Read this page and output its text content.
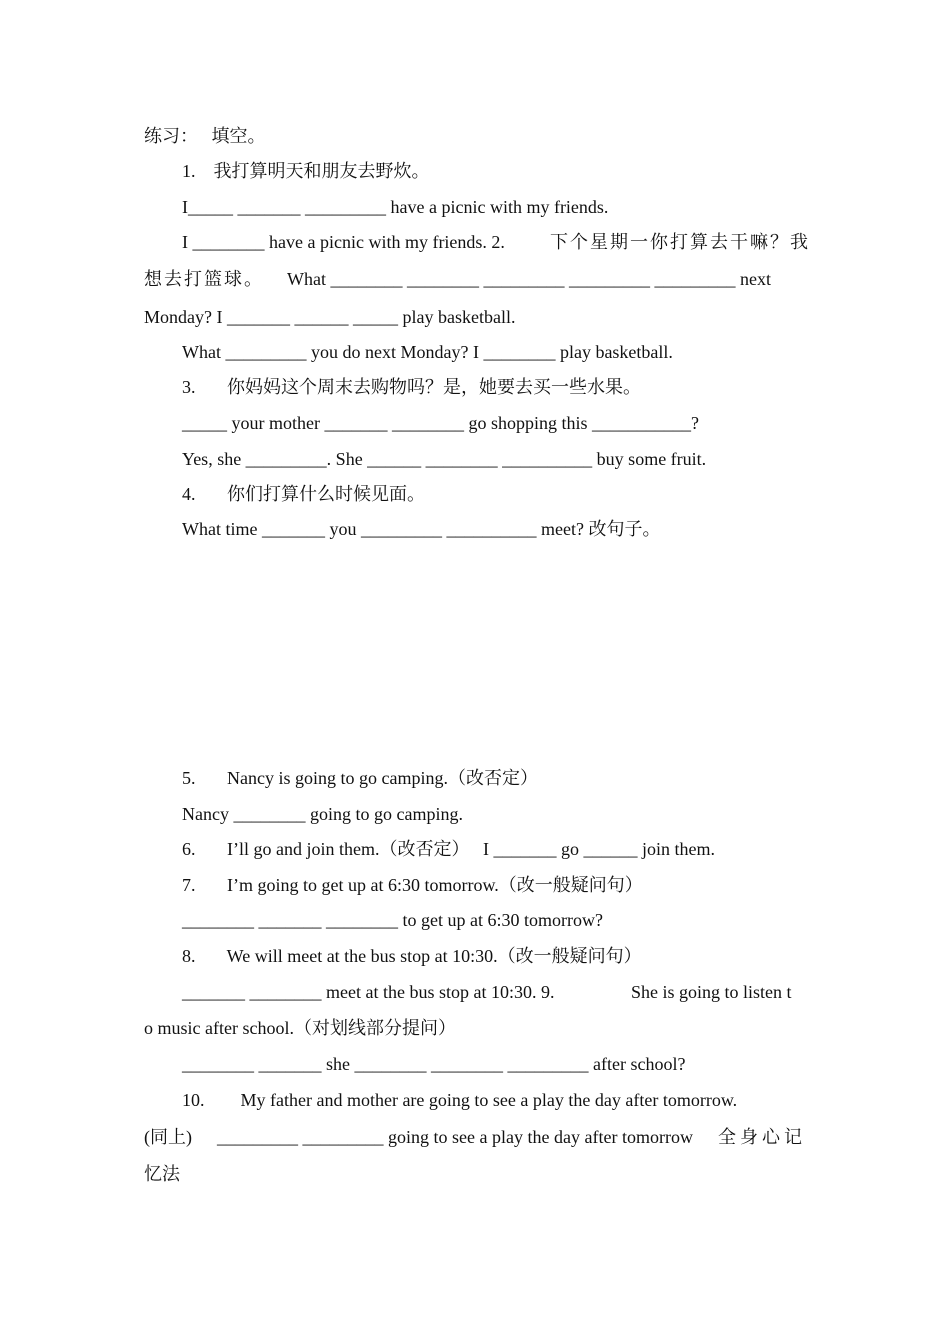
练习：   填空。

1.    我打算明天和朋友去野炊。

I_____ _______ _________ have a picnic with my friends.

I ________ have a picnic with my friends. 2.	下个星期一你打算去干嘛？我

想去打篮球。 What ________ ________ _________ _________ _________ next

Monday? I _______ ______ _____ play basketball.

What _________ you do next Monday? I ________ play basketball.

3.       你妈妈这个周末去购物吗？是，她要去买一些水果。

_____ your mother _______ ________ go shopping this ___________?

Yes, she _________. She ______ ________ __________ buy some fruit.

4.       你们打算什么时候见面。

What time _______ you _________ __________ meet? 改句子。

5.       Nancy is going to go camping.（改否定）

Nancy ________ going to go camping.

6.       I’ll go and join them.（改否定）   I _______ go ______ join them.

7.       I’m going to get up at 6:30 tomorrow.（改一般疑问句）

________ _______ ________ to get up at 6:30 tomorrow?

8.       We will meet at the bus stop at 10:30.（改一般疑问句）

_______ ________ meet at the bus stop at 10:30. 9.	She is going to listen t

o music after school.（对划线部分提问）

________ _______ she ________ ________ _________ after school?

10.        My father and mother are going to see a play the day after tomorrow.

(同上) _________ _________ going to see a play the day after tomorrow 全身心记

忆法
